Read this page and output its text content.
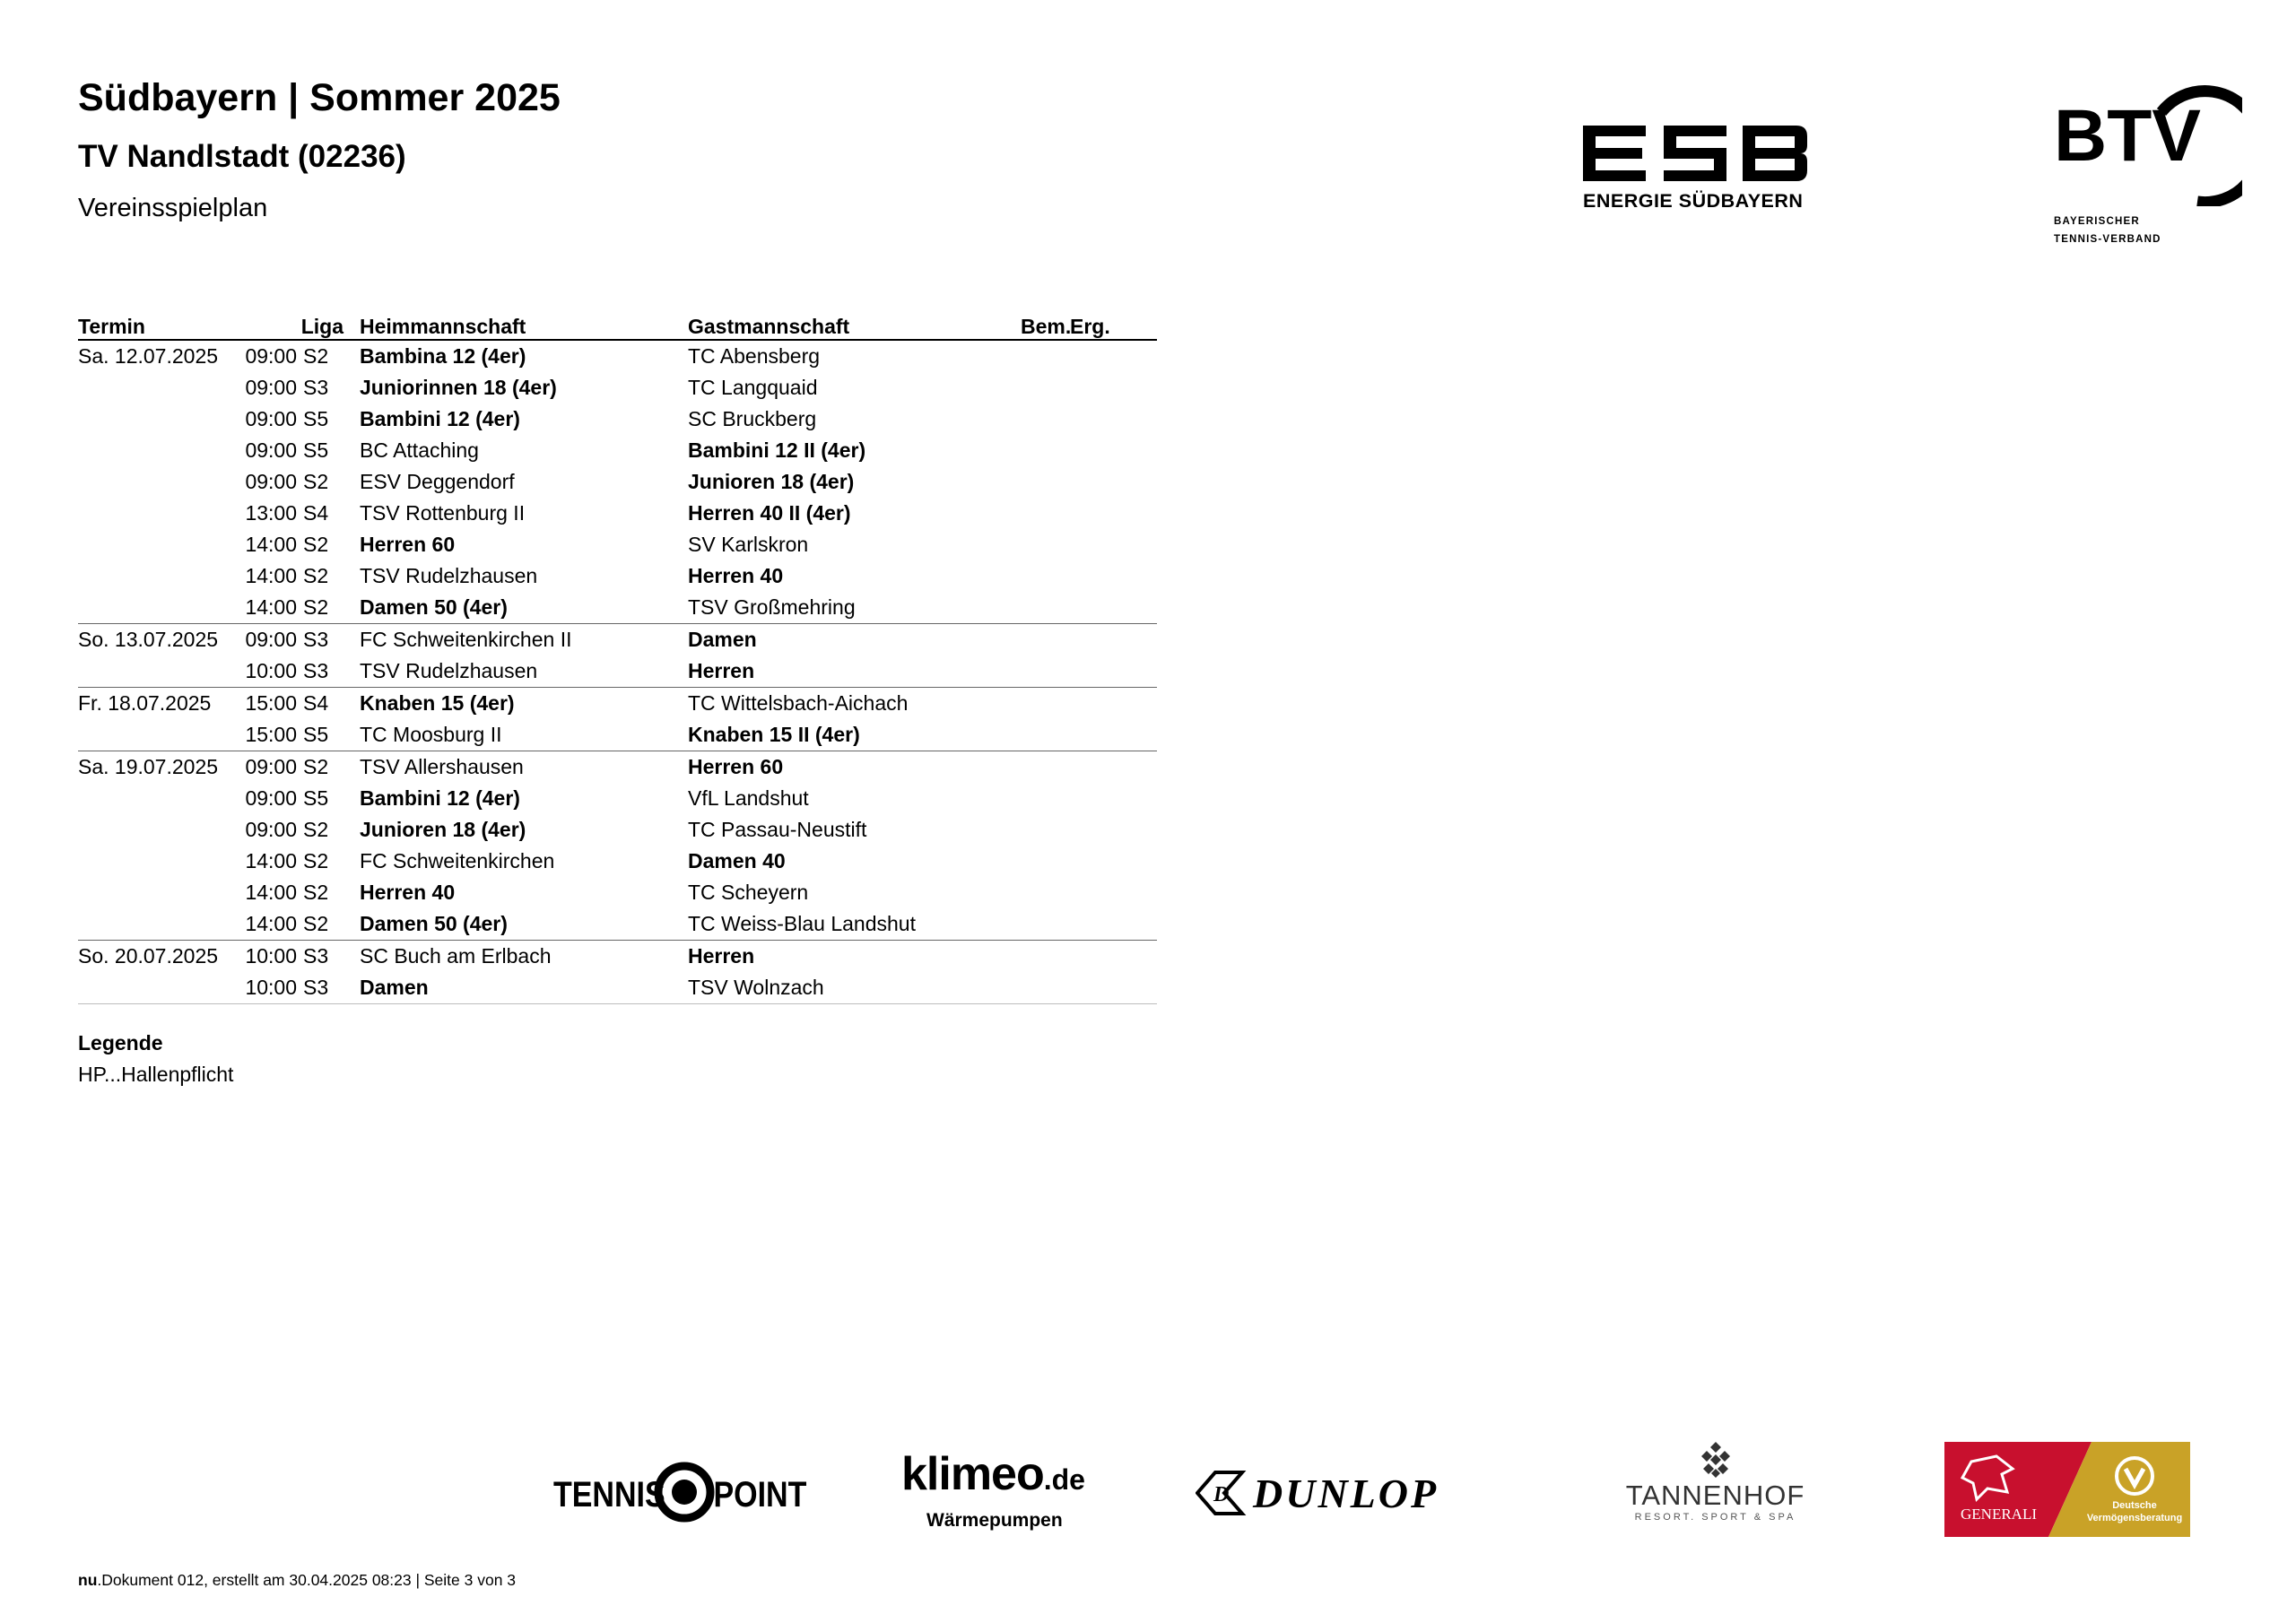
Südbayern | Sommer 2025
TV Nandlstadt (02236)

Vereinsspielplan	ENERGIE SÜDBAYERN
BTV
BAYERISCHER
TENNIS-VERBAND
Termin		Liga	Heimmannschaft	Gastmannschaft	Bem.	Erg.
Sa. 12.07.2025	09:00	S2	Bambina 12 (4er)	TC Abensberg		
	09:00	S3	Juniorinnen 18 (4er)	TC Langquaid		
	09:00	S5	Bambini 12 (4er)	SC Bruckberg		
	09:00	S5	BC Attaching	Bambini 12 II (4er)		
	09:00	S2	ESV Deggendorf	Junioren 18 (4er)		
	13:00	S4	TSV Rottenburg II	Herren 40 II (4er)		
	14:00	S2	Herren 60	SV Karlskron		
	14:00	S2	TSV Rudelzhausen	Herren 40		
	14:00	S2	Damen 50 (4er)	TSV Großmehring		
So. 13.07.2025	09:00	S3	FC Schweitenkirchen II	Damen		
	10:00	S3	TSV Rudelzhausen	Herren		
Fr. 18.07.2025	15:00	S4	Knaben 15 (4er)	TC Wittelsbach-Aichach		
	15:00	S5	TC Moosburg II	Knaben 15 II (4er)		
Sa. 19.07.2025	09:00	S2	TSV Allershausen	Herren 60		
	09:00	S5	Bambini 12 (4er)	VfL Landshut		
	09:00	S2	Junioren 18 (4er)	TC Passau-Neustift		
	14:00	S2	FC Schweitenkirchen	Damen 40		
	14:00	S2	Herren 40	TC Scheyern		
	14:00	S2	Damen 50 (4er)	TC Weiss-Blau Landshut		
So. 20.07.2025	10:00	S3	SC Buch am Erlbach	Herren		
	10:00	S3	Damen	TSV Wolnzach		
Legende
HP...Hallenpflicht
TENNIS POINT klimeo.de
Wärmepumpen
D DUNLOP	TANNENHOF
RESORT. SPORT & SPA	GENERALI	Deutsche
Vermögensberatung
nu.Dokument 012, erstellt am 30.04.2025 08:23 | Seite 3 von 3
